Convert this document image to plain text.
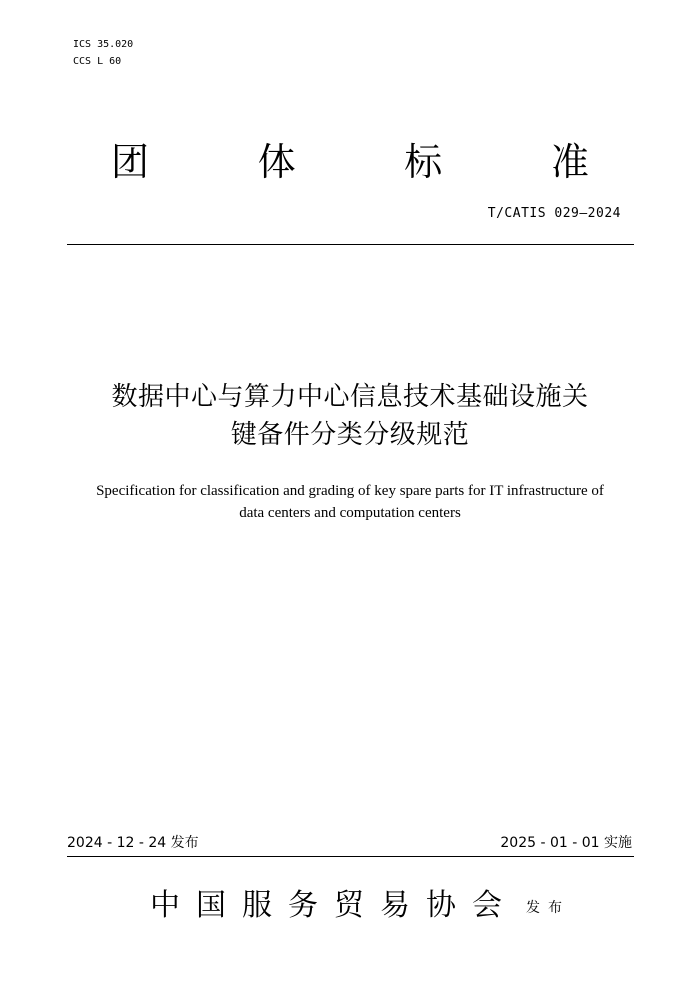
ICS 35.020
CCS L 60
团	体	标	准
T/CATIS 029—2024
数据中心与算力中心信息技术基础设施关
键备件分类分级规范
Specification for classification and grading of key spare parts for IT infrastructure of
data centers and computation centers
2024 - 12 - 24 发布	2025 - 01 - 01 实施
中国服务贸易协会 发布
